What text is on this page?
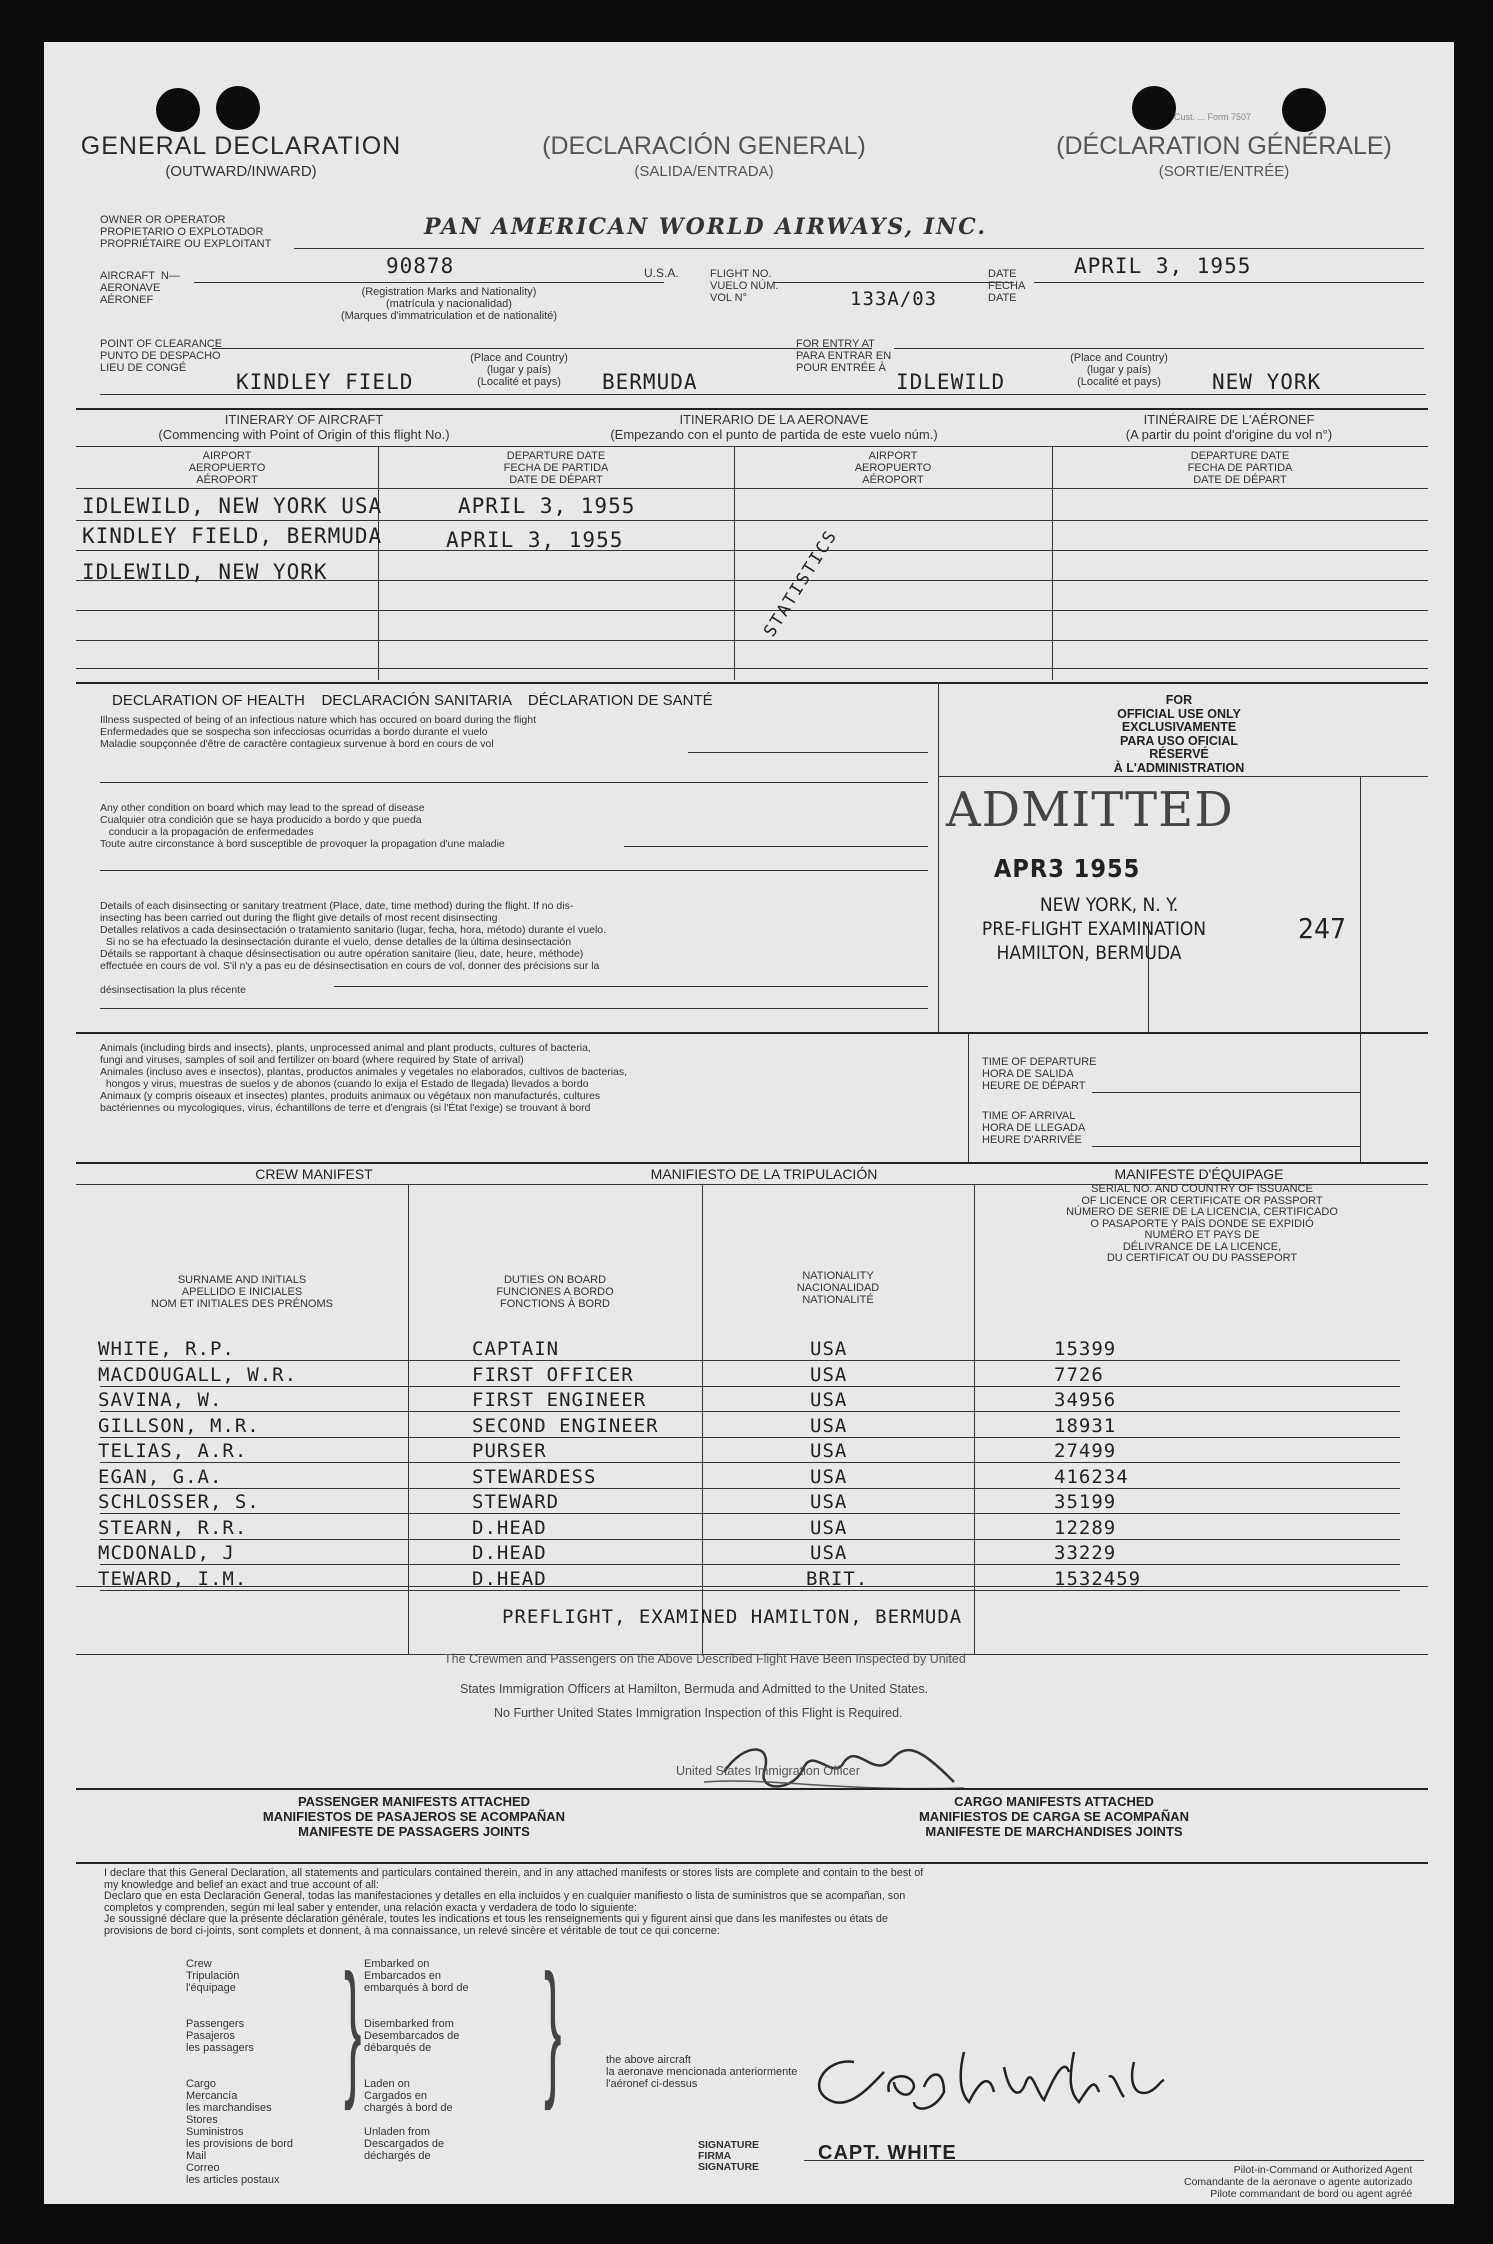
GENERAL DECLARATION
(OUTWARD/INWARD)
(DECLARACIÓN GENERAL)
(SALIDA/ENTRADA)
(DÉCLARATION GÉNÉRALE)
(SORTIE/ENTRÉE)
Cust. ... Form 7507
OWNER OR OPERATOR
PROPIETARIO O EXPLOTADOR
PROPRIÉTAIRE OU EXPLOITANT
PAN AMERICAN WORLD AIRWAYS, INC.
AIRCRAFT  N—
AERONAVE
AÉRONEF
90878
(Registration Marks and Nationality)
(matrícula y nacionalidad)
(Marques d'immatriculation et de nationalité)
U.S.A.	FLIGHT NO.
VUELO NÚM.
VOL N°	133A/03
DATE
FECHA
DATE
APRIL 3, 1955
POINT OF CLEARANCE
PUNTO DE DESPACHO
LIEU DE CONGÉ
KINDLEY FIELD
(Place and Country)
(lugar y país)
(Localité et pays)	BERMUDA
FOR ENTRY AT
PARA ENTRAR EN
POUR ENTRÉE À
IDLEWILD
(Place and Country)
(lugar y país)
(Localité et pays)	NEW YORK
ITINERARY OF AIRCRAFT
(Commencing with Point of Origin of this flight No.)
ITINERARIO DE LA AERONAVE
(Empezando con el punto de partida de este vuelo núm.)
ITINÉRAIRE DE L'AÉRONEF
(A partir du point d'origine du vol n°)
AIRPORT
AEROPUERTO
AÉROPORT
DEPARTURE DATE
FECHA DE PARTIDA
DATE DE DÉPART
AIRPORT
AEROPUERTO
AÉROPORT
DEPARTURE DATE
FECHA DE PARTIDA
DATE DE DÉPART
IDLEWILD, NEW YORK USA	APRIL 3, 1955
KINDLEY FIELD, BERMUDA	APRIL 3, 1955
IDLEWILD, NEW YORK	STATISTICS
DECLARATION OF HEALTH    DECLARACIÓN SANITARIA    DÉCLARATION DE SANTÉ
Illness suspected of being of an infectious nature which has occured on board during the flight
Enfermedades que se sospecha son infecciosas ocurridas a bordo durante el vuelo
Maladie soupçonnée d'être de caractère contagieux survenue à bord en cours de vol
Any other condition on board which may lead to the spread of disease
Cualquier otra condición que se haya producido a bordo y que pueda
conducir a la propagación de enfermedades
Toute autre circonstance à bord susceptible de provoquer la propagation d'une maladie
Details of each disinsecting or sanitary treatment (Place, date, time method) during the flight. If no dis-
insecting has been carried out during the flight give details of most recent disinsecting
Detalles relativos a cada desinsectación o tratamiento sanitario (lugar, fecha, hora, método) durante el vuelo.
Si no se ha efectuado la desinsectación durante el vuelo, dense detalles de la última desinsectación
Détails se rapportant à chaque désinsectisation ou autre opération sanitaire (lieu, date, heure, méthode)
effectuée en cours de vol. S'il n'y a pas eu de désinsectisation en cours de vol, donner des précisions sur la

désinsectisation la plus récente
FOR
OFFICIAL USE ONLY
EXCLUSIVAMENTE
PARA USO OFICIAL
RÉSERVÉ
À L'ADMINISTRATION
ADMITTED
APR3 1955
NEW YORK, N. Y.
PRE-FLIGHT EXAMINATION
HAMILTON, BERMUDA
247
Animals (including birds and insects), plants, unprocessed animal and plant products, cultures of bacteria,
fungi and viruses, samples of soil and fertilizer on board (where required by State of arrival)
Animales (incluso aves e insectos), plantas, productos animales y vegetales no elaborados, cultivos de bacterias,
hongos y virus, muestras de suelos y de abonos (cuando lo exija el Estado de llegada) llevados a bordo
Animaux (y compris oiseaux et insectes) plantes, produits animaux ou végétaux non manufacturés, cultures
bactériennes ou mycologiques, virus, échantillons de terre et d'engrais (si l'État l'exige) se trouvant à bord
TIME OF DEPARTURE
HORA DE SALIDA
HEURE DE DÉPART
TIME OF ARRIVAL
HORA DE LLEGADA
HEURE D'ARRIVÉE
CREW MANIFEST	MANIFIESTO DE LA TRIPULACIÓN	MANIFESTE D'ÉQUIPAGE
SURNAME AND INITIALS
APELLIDO E INICIALES
NOM ET INITIALES DES PRÉNOMS
DUTIES ON BOARD
FUNCIONES A BORDO
FONCTIONS À BORD
NATIONALITY
NACIONALIDAD
NATIONALITÉ
SERIAL NO. AND COUNTRY OF ISSUANCE
OF LICENCE OR CERTIFICATE OR PASSPORT
NÚMERO DE SERIE DE LA LICENCIA, CERTIFICADO
O PASAPORTE Y PAÍS DONDE SE EXPIDIÓ
NUMÉRO ET PAYS DE
DÉLIVRANCE DE LA LICENCE,
DU CERTIFICAT OU DU PASSEPORT
PREFLIGHT, EXAMINED HAMILTON, BERMUDA
The Crewmen and Passengers on the Above Described Flight Have Been Inspected by United
States Immigration Officers at Hamilton, Bermuda and Admitted to the United States.
No Further United States Immigration Inspection of this Flight is Required.
United States Immigration Officer
PASSENGER MANIFESTS ATTACHED
MANIFIESTOS DE PASAJEROS SE ACOMPAÑAN
MANIFESTE DE PASSAGERS JOINTS
CARGO MANIFESTS ATTACHED
MANIFIESTOS DE CARGA SE ACOMPAÑAN
MANIFESTE DE MARCHANDISES JOINTS
I declare that this General Declaration, all statements and particulars contained therein, and in any attached manifests or stores lists are complete and contain to the best of
my knowledge and belief an exact and true account of all:
Declaro que en esta Declaración General, todas las manifestaciones y detalles en ella incluidos y en cualquier manifiesto o lista de suministros que se acompañan, son
completos y comprenden, según mi leal saber y entender, una relación exacta y verdadera de todo lo siguiente:
Je soussigné déclare que la présente déclaration générale, toutes les indications et tous les renseignements qui y figurent ainsi que dans les manifestes ou états de
provisions de bord ci-joints, sont complets et donnent, à ma connaissance, un relevé sincère et véritable de tout ce qui concerne:
Crew
Tripulación
l'équipage

Passengers
Pasajeros
les passagers

Cargo
Mercancía
les marchandises
Stores
Suministros
les provisions de bord
Mail
Correo
les articles postaux
} Embarked on
Embarcados en
embarqués à bord de

Disembarked from
Desembarcados de
débarqués de

Laden on
Cargados en
chargés à bord de

Unladen from
Descargados de
déchargés de
}	the above aircraft
la aeronave mencionada anteriormente
l'aéronef ci-dessus
SIGNATURE
FIRMA
SIGNATURE
CAPT. WHITE
Pilot-in-Command or Authorized Agent
Comandante de la aeronave o agente autorizado
Pilote commandant de bord ou agent agréé
WHITE, R.P.	CAPTAIN	USA	15399
MACDOUGALL, W.R.	FIRST OFFICER	USA	7726
SAVINA, W.	FIRST ENGINEER	USA	34956
GILLSON, M.R.	SECOND ENGINEER	USA	18931
TELIAS, A.R.	PURSER	USA	27499
EGAN, G.A.	STEWARDESS	USA	416234
SCHLOSSER, S.	STEWARD	USA	35199
STEARN, R.R.	D.HEAD	USA	12289
MCDONALD, J	D.HEAD	USA	33229
TEWARD, I.M.	D.HEAD	BRIT.	1532459
